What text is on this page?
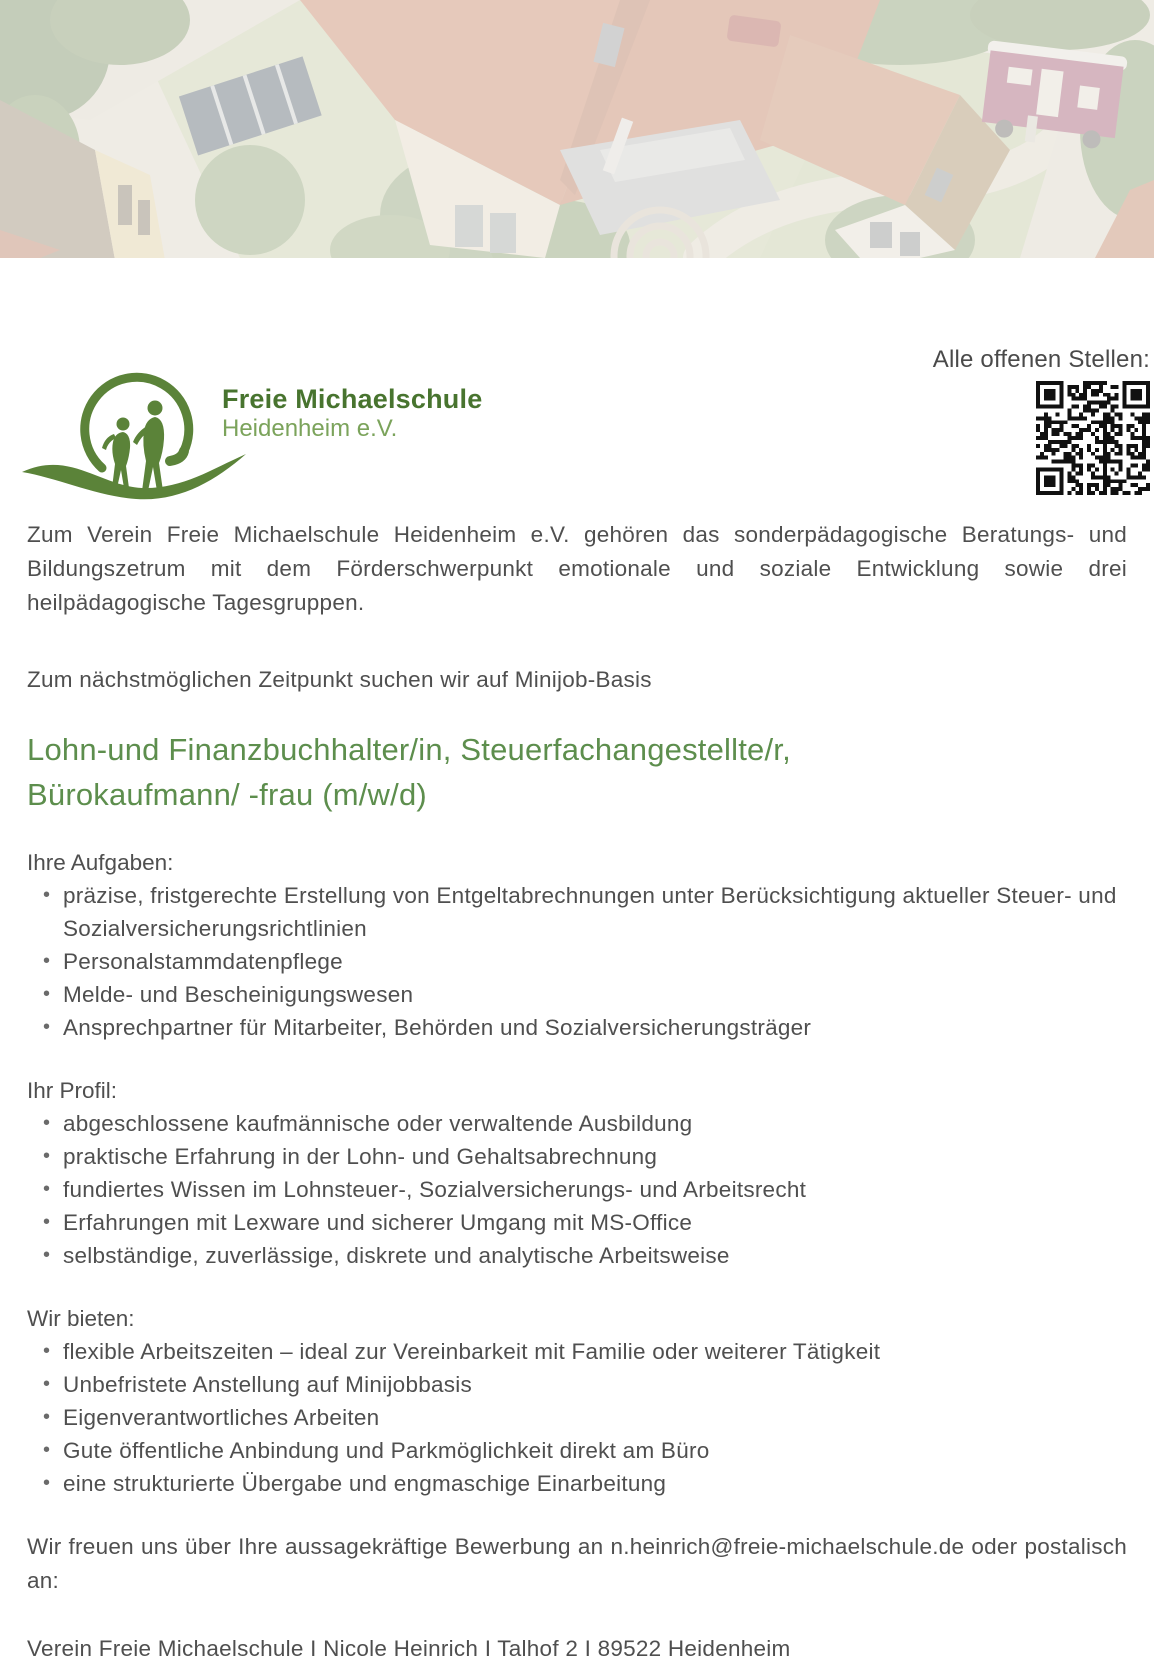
Freie Michaelschule
Heidenheim e.V.
Alle offenen Stellen:

Zum Verein Freie Michaelschule Heidenheim e.V. gehören das sonderpädagogische Beratungs- und Bildungszetrum mit dem Förderschwerpunkt emotionale und soziale Entwicklung sowie drei heilpädagogische Tagesgruppen.

Zum nächstmöglichen Zeitpunkt suchen wir auf Minijob-Basis

Lohn-und Finanzbuchhalter/in, Steuerfachangestellte/r,
Bürokaufmann/ -frau (m/w/d)

Ihre Aufgaben:

• präzise, fristgerechte Erstellung von Entgeltabrechnungen unter Berücksichtigung aktueller Steuer- und Sozialversicherungsrichtlinien
• Personalstammdatenpflege
• Melde- und Bescheinigungswesen
• Ansprechpartner für Mitarbeiter, Behörden und Sozialversicherungsträger

Ihr Profil:

• abgeschlossene kaufmännische oder verwaltende Ausbildung
• praktische Erfahrung in der Lohn- und Gehaltsabrechnung
• fundiertes Wissen im Lohnsteuer-, Sozialversicherungs- und Arbeitsrecht
• Erfahrungen mit Lexware und sicherer Umgang mit MS-Office
• selbständige, zuverlässige, diskrete und analytische Arbeitsweise

Wir bieten:

• flexible Arbeitszeiten – ideal zur Vereinbarkeit mit Familie oder weiterer Tätigkeit
• Unbefristete Anstellung auf Minijobbasis
• Eigenverantwortliches Arbeiten
• Gute öffentliche Anbindung und Parkmöglichkeit direkt am Büro
• eine strukturierte Übergabe und engmaschige Einarbeitung

Wir freuen uns über Ihre aussagekräftige Bewerbung an n.heinrich@freie-michaelschule.de oder postalisch an:

Verein Freie Michaelschule I Nicole Heinrich I Talhof 2 I 89522 Heidenheim
